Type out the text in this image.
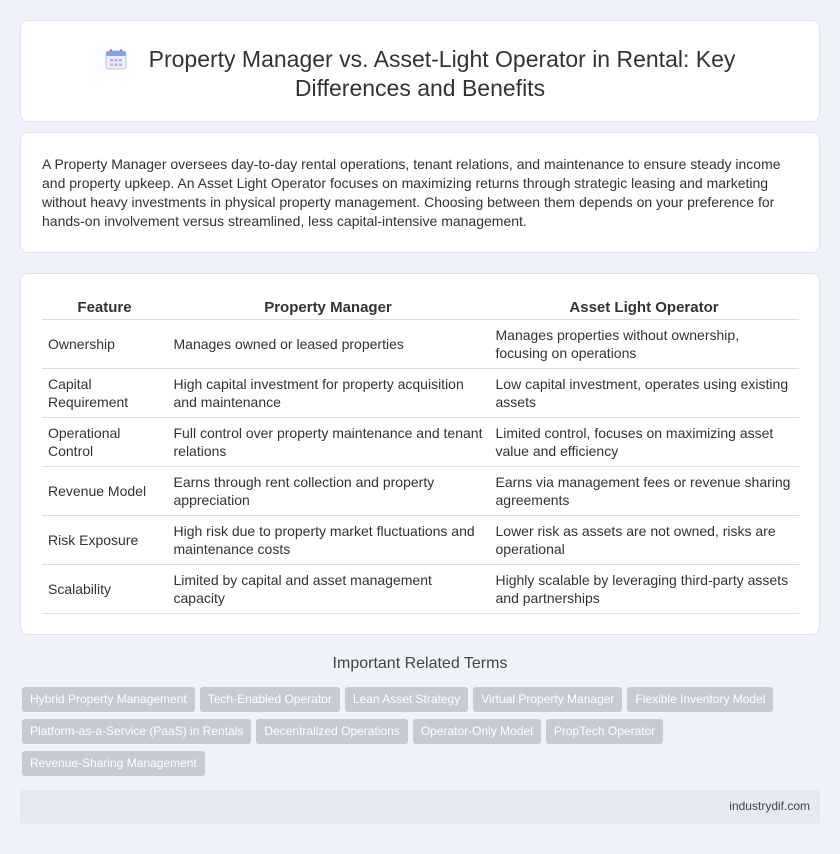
Property Manager vs. Asset-Light Operator in Rental: Key
Differences and Benefits

A Property Manager oversees day-to-day rental operations, tenant relations, and maintenance to ensure steady income and property upkeep. An Asset Light Operator focuses on maximizing returns through strategic leasing and marketing without heavy investments in physical property management. Choosing between them depends on your preference for hands-on involvement versus streamlined, less capital-intensive management.

Feature	Property Manager	Asset Light Operator
Ownership	Manages owned or leased properties	Manages properties without ownership, focusing on operations
Capital Requirement	High capital investment for property acquisition and maintenance	Low capital investment, operates using existing assets
Operational Control	Full control over property maintenance and tenant relations	Limited control, focuses on maximizing asset value and efficiency
Revenue Model	Earns through rent collection and property appreciation	Earns via management fees or revenue sharing agreements
Risk Exposure	High risk due to property market fluctuations and maintenance costs	Lower risk as assets are not owned, risks are operational
Scalability	Limited by capital and asset management capacity	Highly scalable by leveraging third-party assets and partnerships
Important Related Terms
Hybrid Property Management Tech-Enabled Operator Lean Asset Strategy Virtual Property Manager Flexible Inventory Model
Platform-as-a-Service (PaaS) in Rentals Decentralized Operations Operator-Only Model PropTech Operator
Revenue-Sharing Management
industrydif.com
